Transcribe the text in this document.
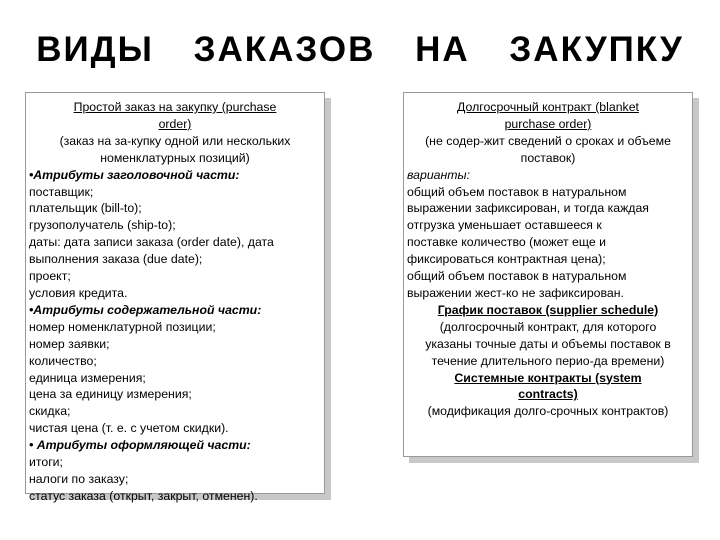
ВИДЫ ЗАКАЗОВ НА ЗАКУПКУ
Простой заказ на закупку (purchase
order)
(заказ на за-купку одной или нескольких
номенклатурных позиций)
•Атрибуты заголовочной части:
поставщик;
плательщик (bill-to);
грузополучатель (ship-to);
даты: дата записи заказа (order date), дата
выполнения заказа (due date);
проект;
условия кредита.
•Атрибуты содержательной части:
номер номенклатурной позиции;
номер заявки;
количество;
единица измерения;
цена за единицу измерения;
скидка;
чистая цена (т. е. с учетом скидки).
• Атрибуты оформляющей части:
итоги;
налоги по заказу;
статус заказа (открыт, закрыт, отменен).
Долгосрочный контракт (blanket
purchase order)
(не содер-жит сведений о сроках и объеме
поставок)
варианты:
общий объем поставок в натуральном
выражении зафиксирован, и тогда каждая
отгрузка уменьшает оставшееся к
поставке количество (может еще и
фиксироваться контрактная цена);
общий объем поставок в натуральном
выражении жест-ко не зафиксирован.
График поставок (supplier schedule)
(долгосрочный контракт, для которого
указаны точные даты и объемы поставок в
течение длительного перио-да времени)
Системные контракты (system
contracts)
(модификация долго-срочных контрактов)
